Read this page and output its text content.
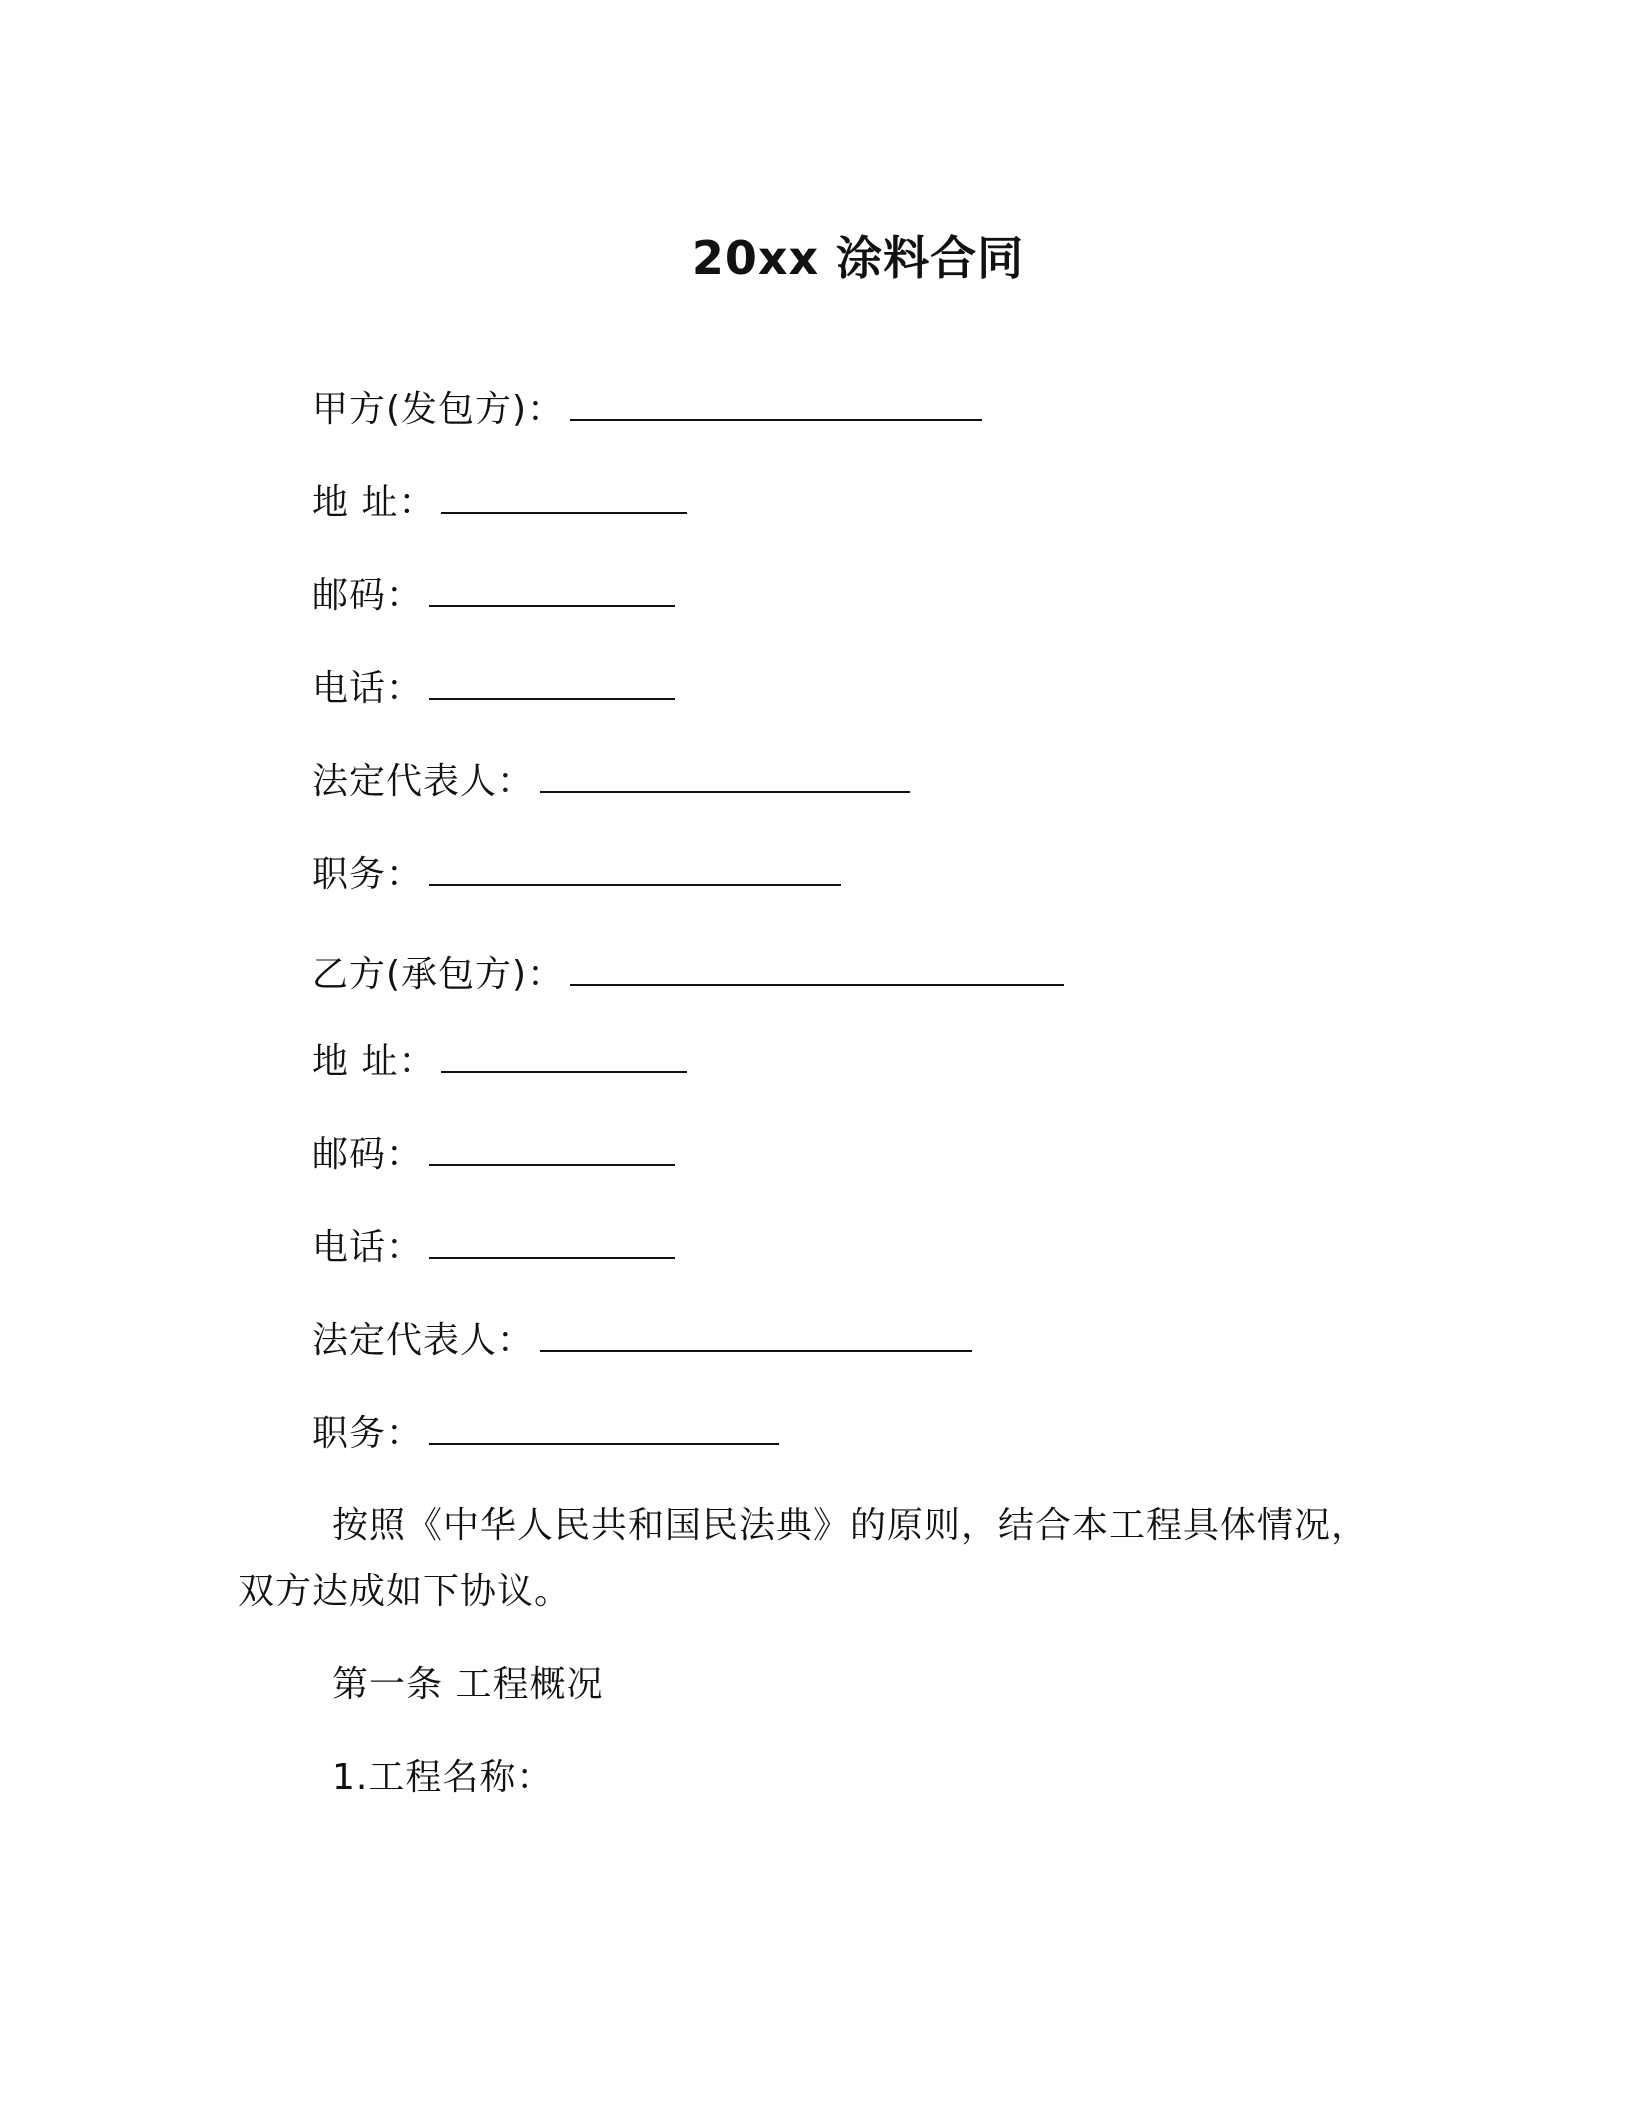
20xx 涂料合同
甲方(发包方)：
地 址：
邮码：
电话：
法定代表人：
职务：
乙方(承包方)：
地 址：
邮码：
电话：
法定代表人：
职务：
按照《中华人民共和国民法典》的原则，结合本工程具体情况，
双方达成如下协议。
第一条 工程概况
1.工程名称：
